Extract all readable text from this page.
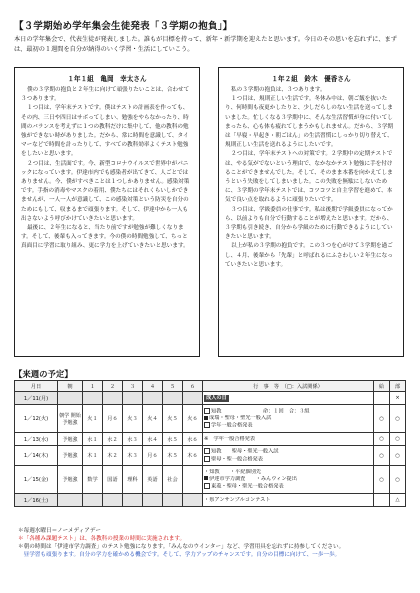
【３学期始め学年集会生徒発表「３学期の抱負」】
本日の学年集会で、代表生徒が発表しました。誰もが目標を持って、新年・新学期を迎えたと思います。今日のその思いを忘れずに、まずは、最初の１週間を自分が納得のいく学習・生活にしていこう。
１年１組　亀岡　幸太さん

僕の３学期の抱負と２年生に向けて頑張りたいことは、合わせて３つあります。

１つ目は、学年末テストです。僕はテストの計画表を作っても、その内、三日や四日はサボってしまい、勉強をやらなかったり、時間のバランスを考えずに１つの教科だけに集中して、他の教科の勉強ができない時がありました。だから、常に時間を意識して、タイマーなどで時間を計ったりして、すべての教科効率よくテスト勉強をしたいと思います。

２つ目は、生活面です。今、新型コロナウイルスで世界中がパニックになっています。伊達市内でも感染者が出てきて、人ごとではありません。今、僕がすべきことは１つしかありません。感染対策です。手指の消毒やマスクの着用、僕たちにはそれくらいしかできませんが、一人一人が意識して、この感染対策という防災を自分のためにもして、収まるまで頑張ります。そして、伊達中から一人も出さないよう呼びかけていきたいと思います。

最後に、２年生になると、当たり前ですが勉強が難しくなります。そして、後輩も入ってきます。今の僕の時間勉強して、ちっと真面目に学習に取り組み、更に学力を上げていきたいと思います。

１年２組　鈴木　優香さん

私の３学期の抱負は、３つあります。

１つ目は、規則正しい生活です。冬休み中は、朝ご飯を抜いたり、何時間も夜更かしたりと、少しだらしのない生活を送ってしまいました。忙しくなる３学期中に、そんな生活習慣が身に付いてしまったら、心も体も疲れてしまうかもしれません。だから、３学期は「早寝・早起き・朝ごはん」の生活習慣にしっかり切り替えて、規則正しい生活を送れるようにしたいです。

２つ目は、学年末テストへの対策です。２学期中の定期テストでは、やる気がでないという理由で、なかなかテスト勉強に手を付けることができませんでした。そして、そのまま本番を向かえてしまうという失敗をしてしまいました。この失敗を無駄にしないために、３学期の学年末テストでは、コツコツと自主学習を進めて、本気で良い点を取れるように頑張りたいです。

３つ目は、学級委員の仕事です。私は後期で学級委員になってから、以前よりも自分で行動することが増えたと思います。だから、３学期も引き続き、自分から学級のために行動できるようにしていきたいと思います。

以上が私の３学期の抱負です。この３つを心がけて３学期を過ごし、４月、後輩から「先輩」と呼ばれるにふさわしい２年生になっていきたいと思います。

【来週の予定】
月日	朝	１	２	３	４	５	６	行　事　等　（□：入試関係）	給	部
1／11(月)								成人の日		×
1／12(火)	朝学 開始 予勉強	火１	月６	火３	火４	火５	火６	知教　　　　　　　　命：１回　合：３組
成瑞・聖母・聖光一般入試
学年一般合格発表	○	○
1／13(水)	予勉強	水１	水２	水３	水４	水５	水６	※　学年一般合格発表	○	○
1／14(木)	予勉強	木１	木２	木３	月６	木５	木６	知教　　聖母・聖光一般入試
聖母・聖一般合格発表	○	○
1／15(金)	予勉強	数学	国語	理科	英語	社会		・知教　　・平紀個別先
伊達市学力調査　　・みんウィン提出
東菱・聖母・聖光一般合格発表	○	○
1／16(土)								・県アンサンブルコンテスト		△
＊毎週水曜日＝ノーメディアデー
＊「各種み課題テスト」は、各教科の授業の時間に実施されます。
＊朝の時間は「伊達市学力調査」のテスト勉強になります。「みんなのウインター」など、学習用具を忘れずに持参してください。
　昼学習も頑張ります。自分の学力を確かめる機会です。そして、学力アップのチャンスです。自分の目標に向けて、一歩一歩。
